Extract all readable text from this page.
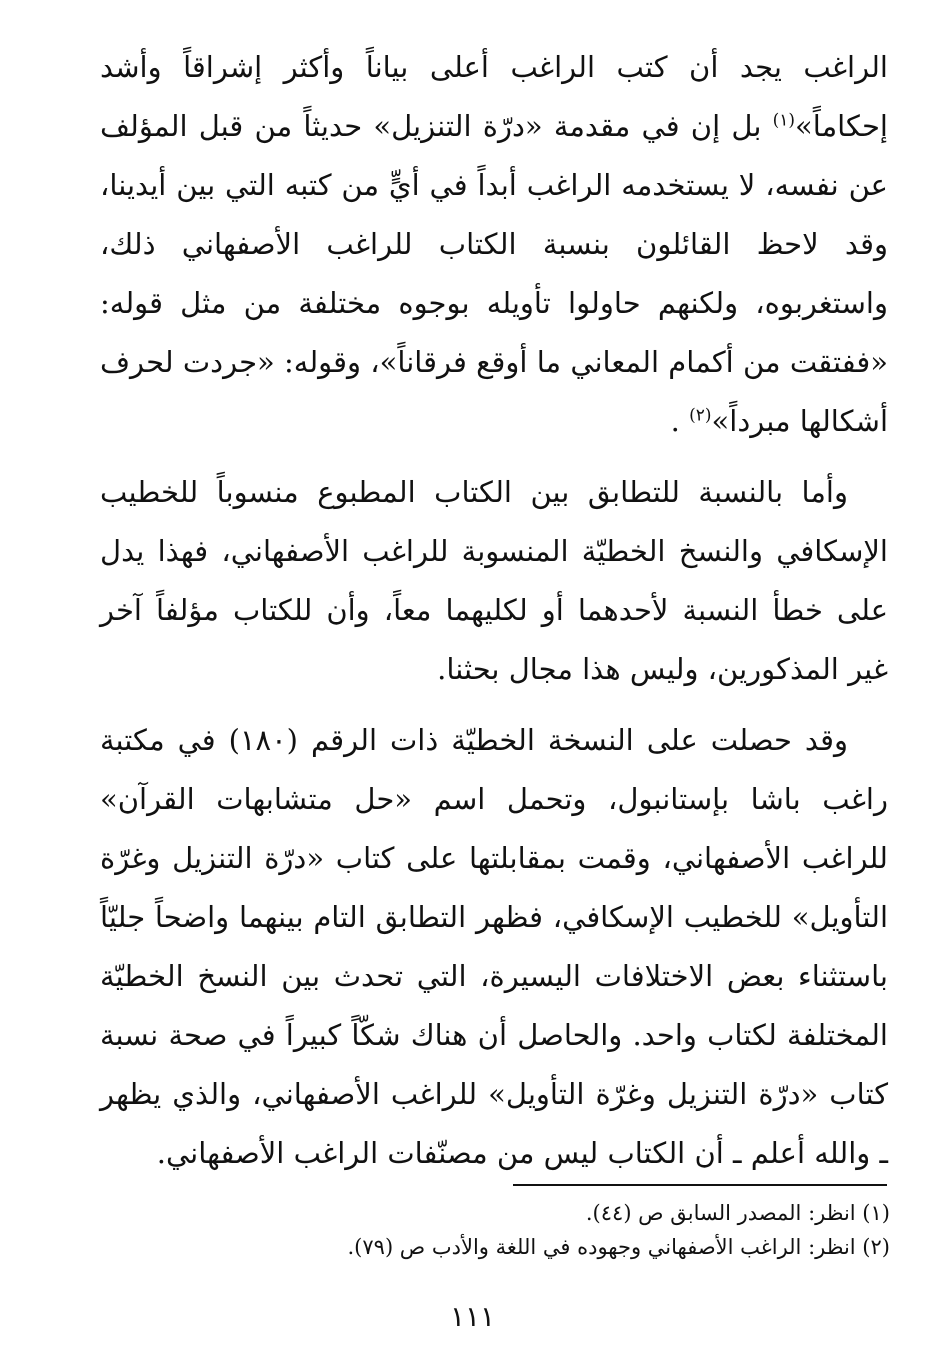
الراغب يجد أن كتب الراغب أعلى بياناً وأكثر إشراقاً وأشد إحكاماً»$^{(١)}$ بل إن في مقدمة «درّة التنزيل» حديثاً من قبل المؤلف عن نفسه، لا يستخدمه الراغب أبداً في أيٍّ من كتبه التي بين أيدينا، وقد لاحظ القائلون بنسبة الكتاب للراغب الأصفهاني ذلك، واستغربوه، ولكنهم حاولوا تأويله بوجوه مختلفة من مثل قوله: «ففتقت من أكمام المعاني ما أوقع فرقاناً»، وقوله: «جردت لحرف أشكالها مبرداً»$^{(٢)}$ .

وأما بالنسبة للتطابق بين الكتاب المطبوع منسوباً للخطيب الإسكافي والنسخ الخطيّة المنسوبة للراغب الأصفهاني، فهذا يدل على خطأ النسبة لأحدهما أو لكليهما معاً، وأن للكتاب مؤلفاً آخر غير المذكورين، وليس هذا مجال بحثنا.

وقد حصلت على النسخة الخطيّة ذات الرقم (١٨٠) في مكتبة راغب باشا بإستانبول، وتحمل اسم «حل متشابهات القرآن» للراغب الأصفهاني، وقمت بمقابلتها على كتاب «درّة التنزيل وغرّة التأويل» للخطيب الإسكافي، فظهر التطابق التام بينهما واضحاً جليّاً باستثناء بعض الاختلافات اليسيرة، التي تحدث بين النسخ الخطيّة المختلفة لكتاب واحد. والحاصل أن هناك شكّاً كبيراً في صحة نسبة كتاب «درّة التنزيل وغرّة التأويل» للراغب الأصفهاني، والذي يظهر ـ والله أعلم ـ أن الكتاب ليس من مصنّفات الراغب الأصفهاني.

(١) انظر: المصدر السابق ص (٤٤).

(٢) انظر: الراغب الأصفهاني وجهوده في اللغة والأدب ص (٧٩).

١١١
